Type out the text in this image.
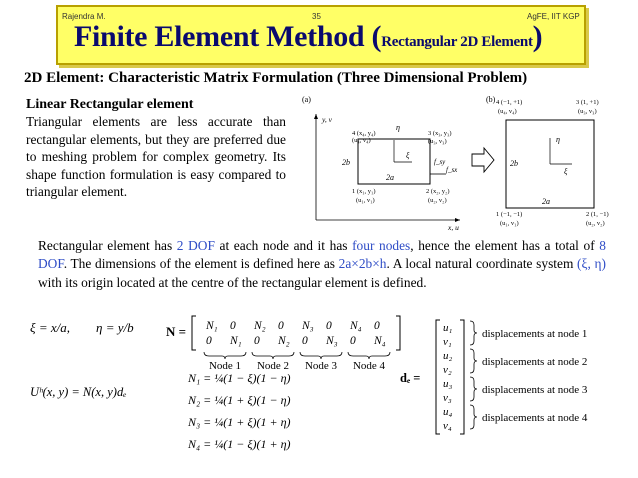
Rajendra M.	35	AgFE, IIT KGP
Finite Element Method (Rectangular 2D Element)
2D Element: Characteristic Matrix Formulation (Three Dimensional Problem)
Linear Rectangular element
Triangular elements are less accurate than rectangular elements, but they are preferred due to meshing problem for complex geometry. Its shape function formulation is easy compared to triangular element.
(a)
y, v
x, u
η
ξ
f_sy
f_sx
2a
2b
4 (x₄, y₄)
(u₄, v₄)
3 (x₃, y₃)
(u₃, v₃)
1 (x₁, y₁)
(u₁, v₁)
2 (x₂, y₂)
(u₂, v₂)
(b)
η
ξ
2a
2b
4 (−1, +1)
(u₄, v₄)
3 (1, +1)
(u₃, v₃)
1 (−1, −1)
(u₁, v₁)
2 (1, −1)
(u₂, v₂)
Rectangular element has 2 DOF at each node and it has four nodes, hence the element has a total of 8 DOF. The dimensions of the element is defined here as 2a×2b×h. A local natural coordinate system (ξ, η) with its origin located at the centre of the rectangular element is defined.
ξ = x/a, η = y/b N = N₁ 0 N₂ 0 N₃ 0 N₄ 0
0 N₁ 0 N₂ 0 N₃ 0 N₄
Node 1 Node 2 Node 3 Node 4
Uʰ(x, y) = N(x, y)dₑ
N₁ = ¼(1 − ξ)(1 − η)
N₂ = ¼(1 + ξ)(1 − η)
N₃ = ¼(1 + ξ)(1 + η)
N₄ = ¼(1 − ξ)(1 + η)
dₑ =
u₁
v₁
u₂
v₂
u₃
v₃
u₄
v₄
displacements at node 1
displacements at node 2
displacements at node 3
displacements at node 4
